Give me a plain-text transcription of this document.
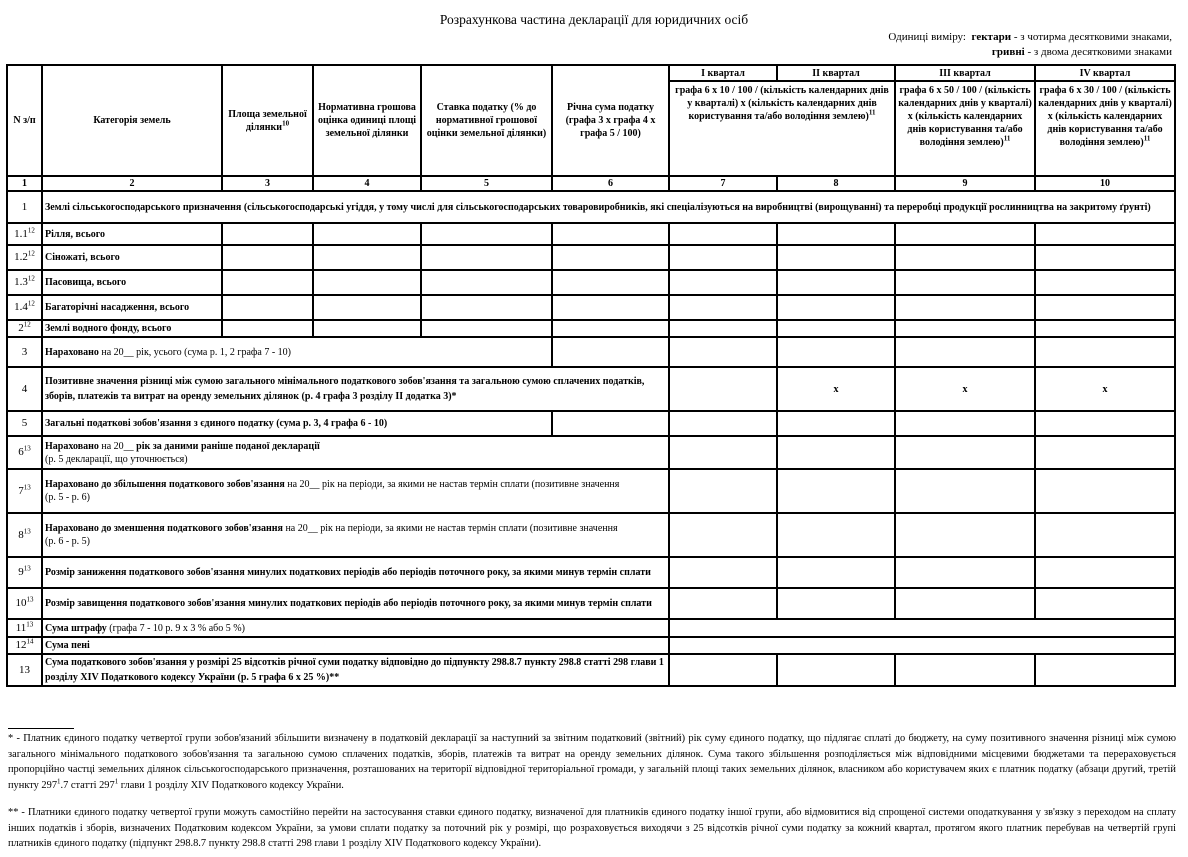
Розрахункова частина декларації для юридичних осіб
Одиниці виміру: гектари - з чотирма десятковими знаками,
гривні - з двома десятковими знаками
N з/п	Категорія земель	Площа земельної ділянки$^{10}$	Нормативна грошова оцінка одиниці площі земельної ділянки	Ставка податку (% до нормативної грошової оцінки земельної ділянки)	Річна сума податку (графа 3 х графа 4 х графа 5 / 100)	I квартал	II квартал	III квартал	IV квартал
						графа 6 х 10 / 100 / (кількість календарних днів у кварталі) х (кількість календарних днів користування та/або володіння землею)$^{11}$		графа 6 х 50 / 100 / (кількість календарних днів у кварталі) х (кількість календарних днів користування та/або володіння землею)$^{11}$	графа 6 х 30 / 100 / (кількість календарних днів у кварталі) х (кількість календарних днів користування та/або володіння землею)$^{11}$
1	2	3	4	5	6	7	8	9	10
1	Землі сільськогосподарського призначення (сільськогосподарські угіддя, у тому числі для сільськогосподарських товаровиробників, які спеціалізуються на виробництві (вирощуванні) та переробці продукції рослинництва на закритому ґрунті)								
$1.1^{12}$	Рілля, всього								
$1.2^{12}$	Сіножаті, всього								
$1.3^{12}$	Пасовища, всього								
$1.4^{12}$	Багаторічні насадження, всього								
$2^{12}$	Землі водного фонду, всього								
3	Нараховано на 20__ рік, усього (сума р. 1, 2 графа 7 - 10)								
4	Позитивне значення різниці між сумою загального мінімального податкового зобов'язання та загальною сумою сплачених податків, зборів, платежів та витрат на оренду земельних ділянок (р. 4 графа 3 розділу II додатка 3)*						х	х	х
5	Загальні податкові зобов'язання з єдиного податку (сума р. 3, 4 графа 6 - 10)								
$6^{13}$	Нараховано на 20__ рік за даними раніше поданої декларації
(р. 5 декларації, що уточнюється)								
$7^{13}$	Нараховано до збільшення податкового зобов'язання на 20__ рік на періоди, за якими не настав термін сплати (позитивне значення
(р. 5 - р. 6)								
$8^{13}$	Нараховано до зменшення податкового зобов'язання на 20__ рік на періоди, за якими не настав термін сплати (позитивне значення
(р. 6 - р. 5)								
$9^{13}$	Розмір заниження податкового зобов'язання минулих податкових періодів або періодів поточного року, за якими минув термін сплати								
$10^{13}$	Розмір завищення податкового зобов'язання минулих податкових періодів або періодів поточного року, за якими минув термін сплати								
$11^{13}$	Сума штрафу (графа 7 - 10 р. 9 х 3 % або 5 %)								
$12^{14}$	Сума пені								
13	Сума податкового зобов'язання у розмірі 25 відсотків річної суми податку відповідно до підпункту 298.8.7 пункту 298.8 статті 298 глави 1 розділу XIV Податкового кодексу України (р. 5 графа 6 х 25 %)**								
* - Платник єдиного податку четвертої групи зобов'язаний збільшити визначену в податковій декларації за наступний за звітним податковий (звітний) рік суму єдиного податку, що підлягає сплаті до бюджету, на суму позитивного значення різниці між сумою загального мінімального податкового зобов'язання та загальною сумою сплачених податків, зборів, платежів та витрат на оренду земельних ділянок. Сума такого збільшення розподіляється між відповідними місцевими бюджетами та перераховується пропорційно частці земельних ділянок сільськогосподарського призначення, розташованих на території відповідної територіальної громади, у загальній площі таких земельних ділянок, власником або користувачем яких є платник податку (абзаци другий, третій пункту $297^1.7$ статті $297^1$ глави 1 розділу XIV Податкового кодексу України.
** - Платники єдиного податку четвертої групи можуть самостійно перейти на застосування ставки єдиного податку, визначеної для платників єдиного податку іншої групи, або відмовитися від спрощеної системи оподаткування у зв'язку з переходом на сплату інших податків і зборів, визначених Податковим кодексом України, за умови сплати податку за поточний рік у розмірі, що розраховується виходячи з 25 відсотків річної суми податку за кожний квартал, протягом якого платник перебував на четвертій групі платників єдиного податку (підпункт 298.8.7 пункту 298.8 статті 298 глави 1 розділу XIV Податкового кодексу України).
